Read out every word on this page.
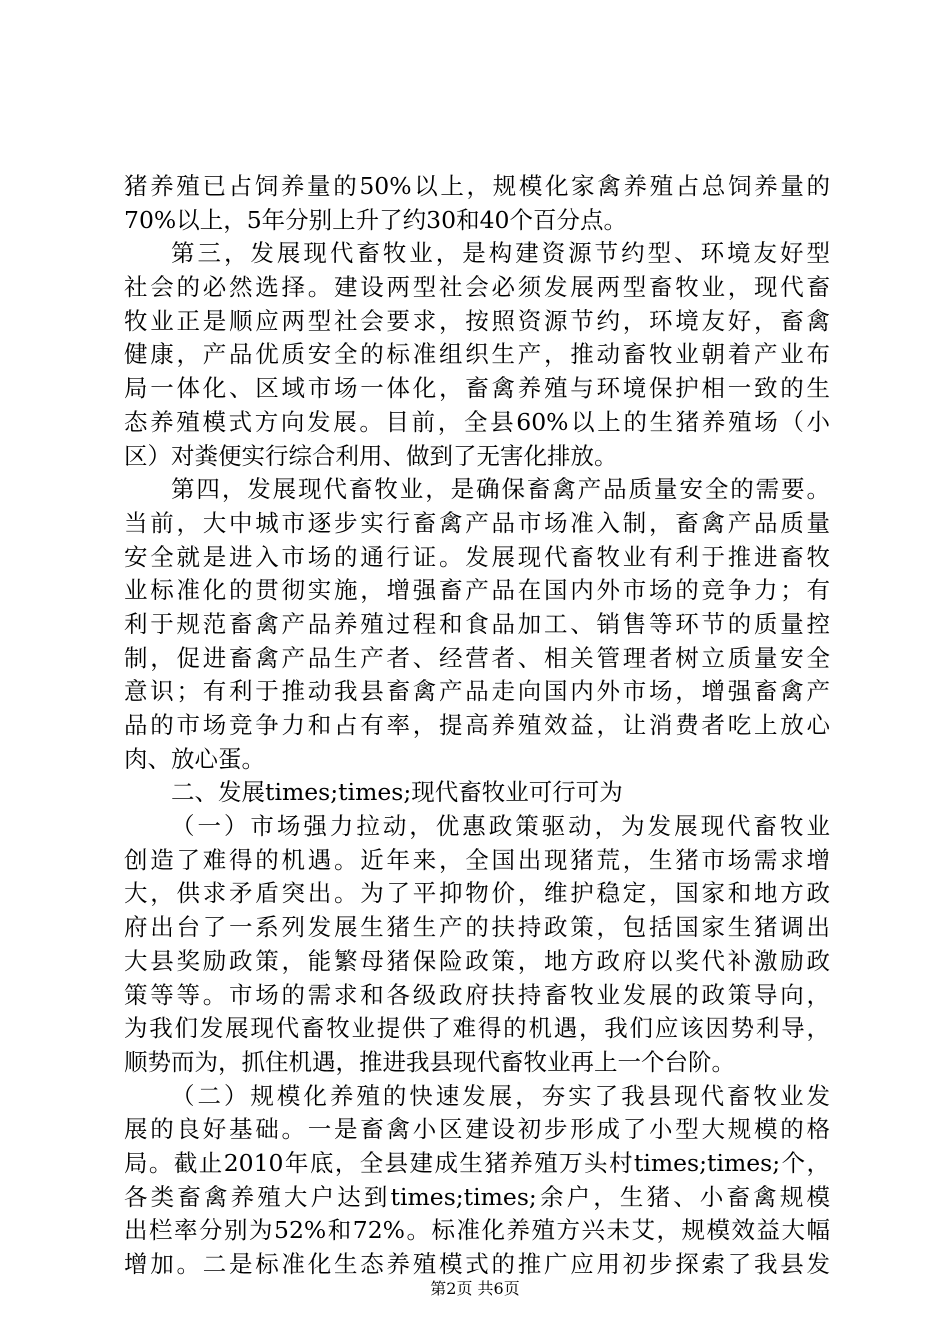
猪养殖已占饲养量的50%以上，规模化家禽养殖占总饲养量的
70%以上，5年分别上升了约30和40个百分点。
第三，发展现代畜牧业，是构建资源节约型、环境友好型
社会的必然选择。建设两型社会必须发展两型畜牧业，现代畜
牧业正是顺应两型社会要求，按照资源节约，环境友好，畜禽
健康，产品优质安全的标准组织生产，推动畜牧业朝着产业布
局一体化、区域市场一体化，畜禽养殖与环境保护相一致的生
态养殖模式方向发展。目前，全县60%以上的生猪养殖场（小
区）对粪便实行综合利用、做到了无害化排放。
第四，发展现代畜牧业，是确保畜禽产品质量安全的需要。
当前，大中城市逐步实行畜禽产品市场准入制，畜禽产品质量
安全就是进入市场的通行证。发展现代畜牧业有利于推进畜牧
业标准化的贯彻实施，增强畜产品在国内外市场的竞争力；有
利于规范畜禽产品养殖过程和食品加工、销售等环节的质量控
制，促进畜禽产品生产者、经营者、相关管理者树立质量安全
意识；有利于推动我县畜禽产品走向国内外市场，增强畜禽产
品的市场竞争力和占有率，提高养殖效益，让消费者吃上放心
肉、放心蛋。
二、发展times;times;现代畜牧业可行可为
（一）市场强力拉动，优惠政策驱动，为发展现代畜牧业
创造了难得的机遇。近年来，全国出现猪荒，生猪市场需求增
大，供求矛盾突出。为了平抑物价，维护稳定，国家和地方政
府出台了一系列发展生猪生产的扶持政策，包括国家生猪调出
大县奖励政策，能繁母猪保险政策，地方政府以奖代补激励政
策等等。市场的需求和各级政府扶持畜牧业发展的政策导向，
为我们发展现代畜牧业提供了难得的机遇，我们应该因势利导，
顺势而为，抓住机遇，推进我县现代畜牧业再上一个台阶。
（二）规模化养殖的快速发展，夯实了我县现代畜牧业发
展的良好基础。一是畜禽小区建设初步形成了小型大规模的格
局。截止2010年底，全县建成生猪养殖万头村times;times;个，
各类畜禽养殖大户达到times;times;余户，生猪、小畜禽规模
出栏率分别为52%和72%。标准化养殖方兴未艾，规模效益大幅
增加。二是标准化生态养殖模式的推广应用初步探索了我县发
第2页 共6页
